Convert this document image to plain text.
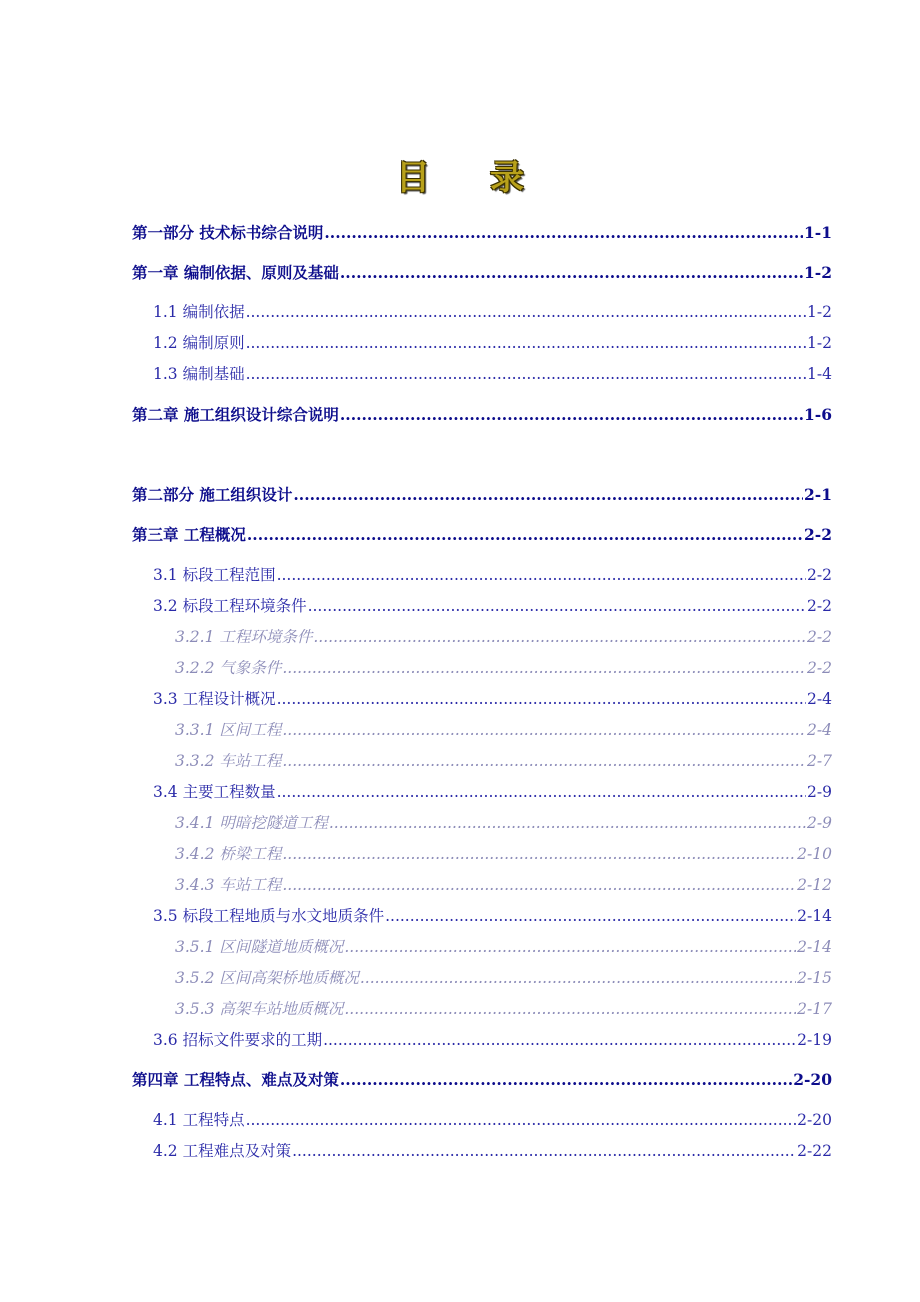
目 录
第一部分 技术标书综合说明 .....	1-1
第一章 编制依据、原则及基础 .....	1-2
1.1 编制依据 .....	1-2
1.2 编制原则 .....	1-2
1.3 编制基础 .....	1-4
第二章 施工组织设计综合说明 .....	1-6
第二部分 施工组织设计 .....	2-1
第三章 工程概况 .....	2-2
3.1 标段工程范围 .....	2-2
3.2 标段工程环境条件 .....	2-2
3.2.1 工程环境条件 .....	2-2
3.2.2 气象条件 .....	2-2
3.3 工程设计概况 .....	2-4
3.3.1 区间工程 .....	2-4
3.3.2 车站工程 .....	2-7
3.4 主要工程数量 .....	2-9
3.4.1 明暗挖隧道工程 .....	2-9
3.4.2 桥梁工程 .....	2-10
3.4.3 车站工程 .....	2-12
3.5 标段工程地质与水文地质条件 .....	2-14
3.5.1 区间隧道地质概况 .....	2-14
3.5.2 区间高架桥地质概况 .....	2-15
3.5.3 高架车站地质概况 .....	2-17
3.6 招标文件要求的工期 .....	2-19
第四章 工程特点、难点及对策 .....	2-20
4.1 工程特点 .....	2-20
4.2 工程难点及对策 .....	2-22
